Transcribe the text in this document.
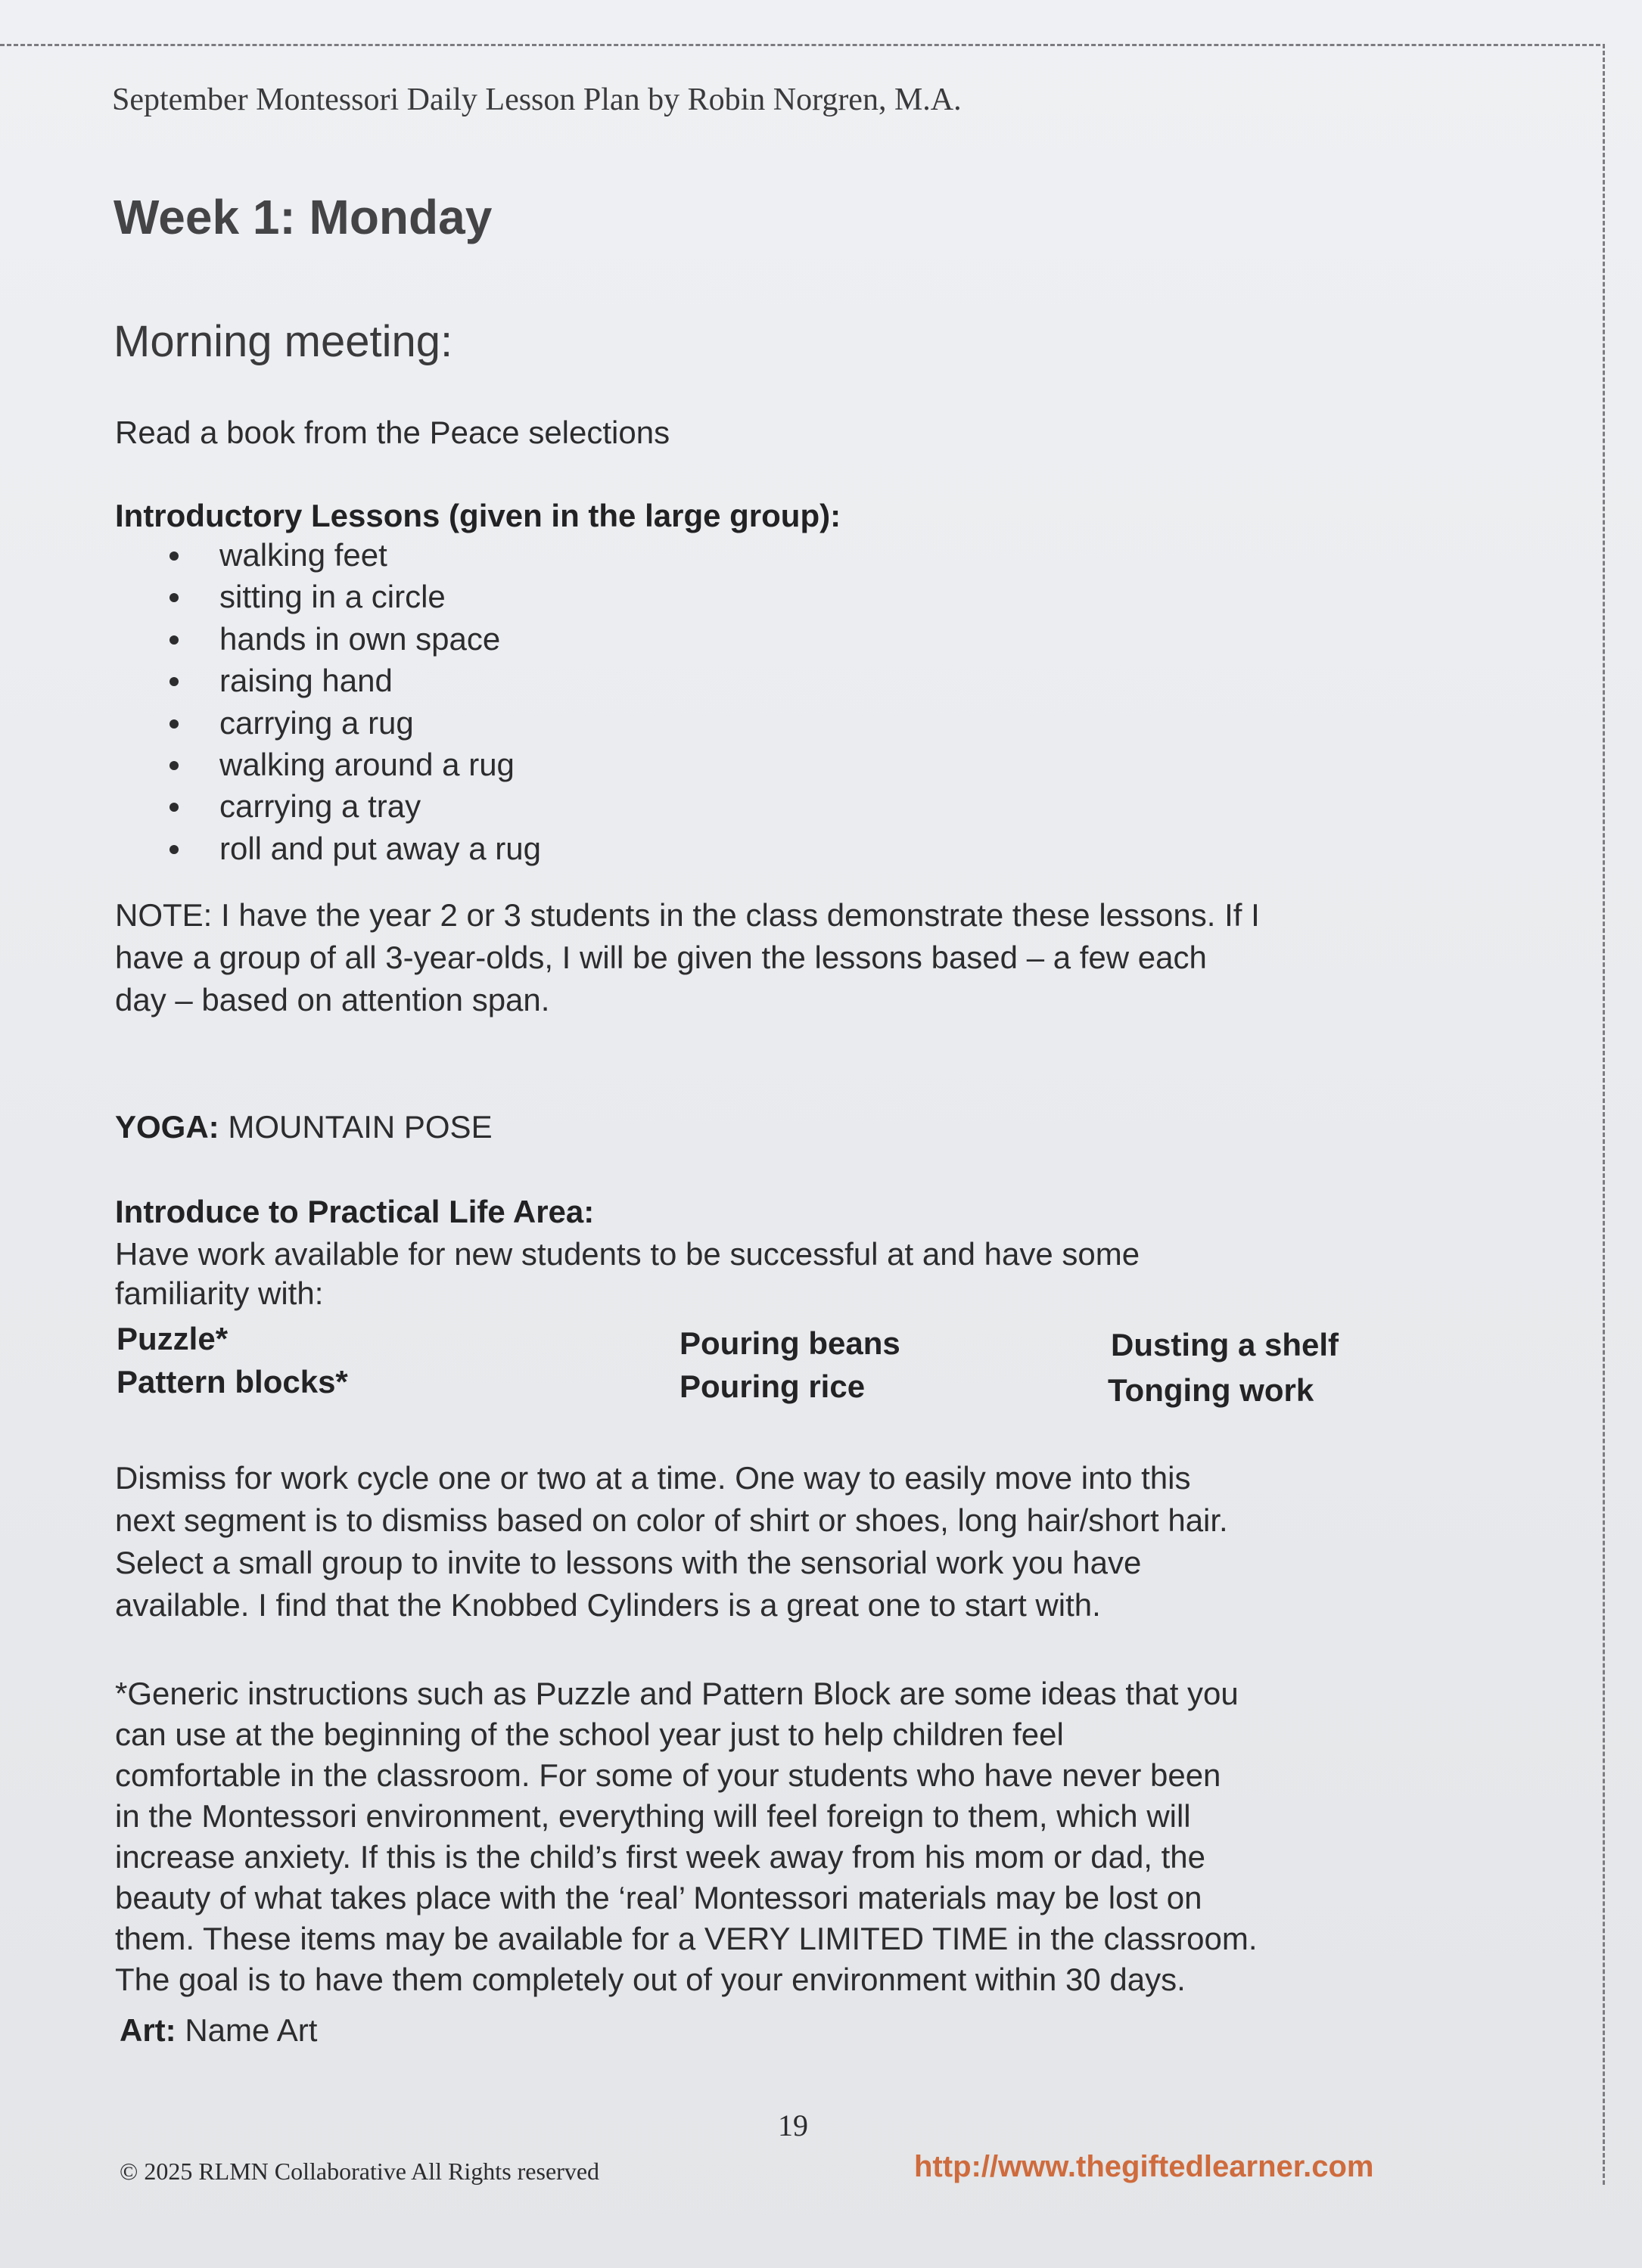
September Montessori Daily Lesson Plan by Robin Norgren, M.A.
Week 1: Monday
Morning meeting:
Read a book from the Peace selections
Introductory Lessons (given in the large group):
walking feet
sitting in a circle
hands in own space
raising hand
carrying a rug
walking around a rug
carrying a tray
roll and put away a rug
NOTE: I have the year 2 or 3 students in the class demonstrate these lessons. If I
have a group of all 3-year-olds, I will be given the lessons based – a few each
day – based on attention span.
YOGA: MOUNTAIN POSE
Introduce to Practical Life Area:
Have work available for new students to be successful at and have some
familiarity with:
Puzzle*
Pattern blocks*
Pouring beans
Pouring rice
Dusting a shelf
Tonging work
Dismiss for work cycle one or two at a time. One way to easily move into this
next segment is to dismiss based on color of shirt or shoes, long hair/short hair.
Select a small group to invite to lessons with the sensorial work you have
available. I find that the Knobbed Cylinders is a great one to start with.
*Generic instructions such as Puzzle and Pattern Block are some ideas that you
can use at the beginning of the school year just to help children feel
comfortable in the classroom. For some of your students who have never been
in the Montessori environment, everything will feel foreign to them, which will
increase anxiety. If this is the child’s first week away from his mom or dad, the
beauty of what takes place with the ‘real’ Montessori materials may be lost on
them. These items may be available for a VERY LIMITED TIME in the classroom.
The goal is to have them completely out of your environment within 30 days.
Art: Name Art
19
© 2025 RLMN Collaborative All Rights reserved	http://www.thegiftedlearner.com
